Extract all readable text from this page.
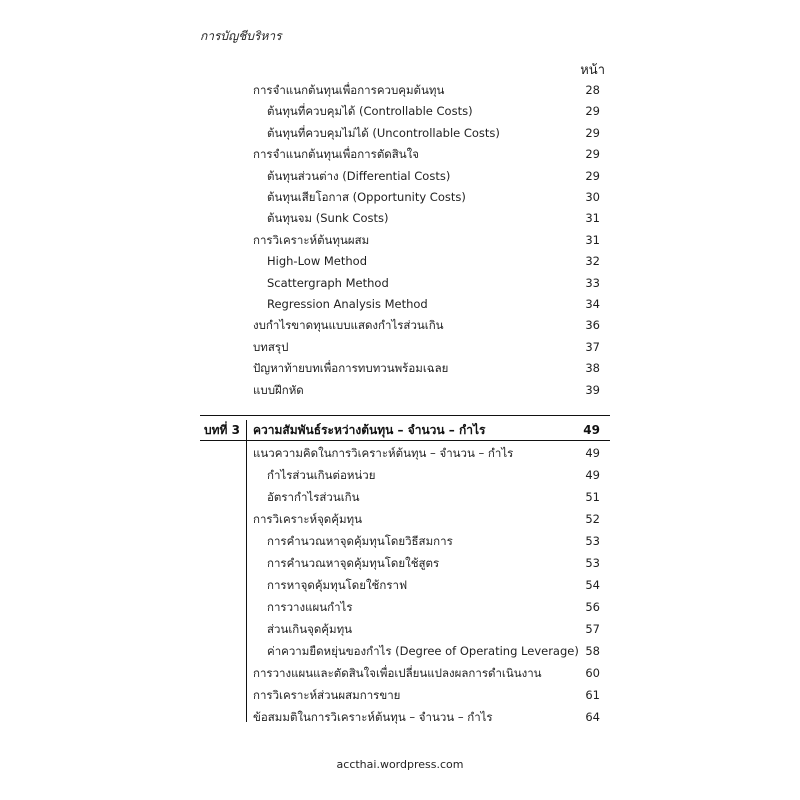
การบัญชีบริหาร
หน้า
การจำแนกต้นทุนเพื่อการควบคุมต้นทุน	28
ต้นทุนที่ควบคุมได้ (Controllable Costs)	29
ต้นทุนที่ควบคุมไม่ได้ (Uncontrollable Costs)	29
การจำแนกต้นทุนเพื่อการตัดสินใจ	29
ต้นทุนส่วนต่าง (Differential Costs)	29
ต้นทุนเสียโอกาส (Opportunity Costs)	30
ต้นทุนจม (Sunk Costs)	31
การวิเคราะห์ต้นทุนผสม	31
High-Low Method	32
Scattergraph Method	33
Regression Analysis Method	34
งบกำไรขาดทุนแบบแสดงกำไรส่วนเกิน	36
บทสรุป	37
ปัญหาท้ายบทเพื่อการทบทวนพร้อมเฉลย	38
แบบฝึกหัด	39
บทที่ 3 ความสัมพันธ์ระหว่างต้นทุน – จำนวน – กำไร	49
แนวความคิดในการวิเคราะห์ต้นทุน – จำนวน – กำไร	49
กำไรส่วนเกินต่อหน่วย	49
อัตรากำไรส่วนเกิน	51
การวิเคราะห์จุดคุ้มทุน	52
การคำนวณหาจุดคุ้มทุนโดยวิธีสมการ	53
การคำนวณหาจุดคุ้มทุนโดยใช้สูตร	53
การหาจุดคุ้มทุนโดยใช้กราฟ	54
การวางแผนกำไร	56
ส่วนเกินจุดคุ้มทุน	57
ค่าความยืดหยุ่นของกำไร (Degree of Operating Leverage) 58
การวางแผนและตัดสินใจเพื่อเปลี่ยนแปลงผลการดำเนินงาน	60
การวิเคราะห์ส่วนผสมการขาย	61
ข้อสมมติในการวิเคราะห์ต้นทุน – จำนวน – กำไร	64
accthai.wordpress.com
